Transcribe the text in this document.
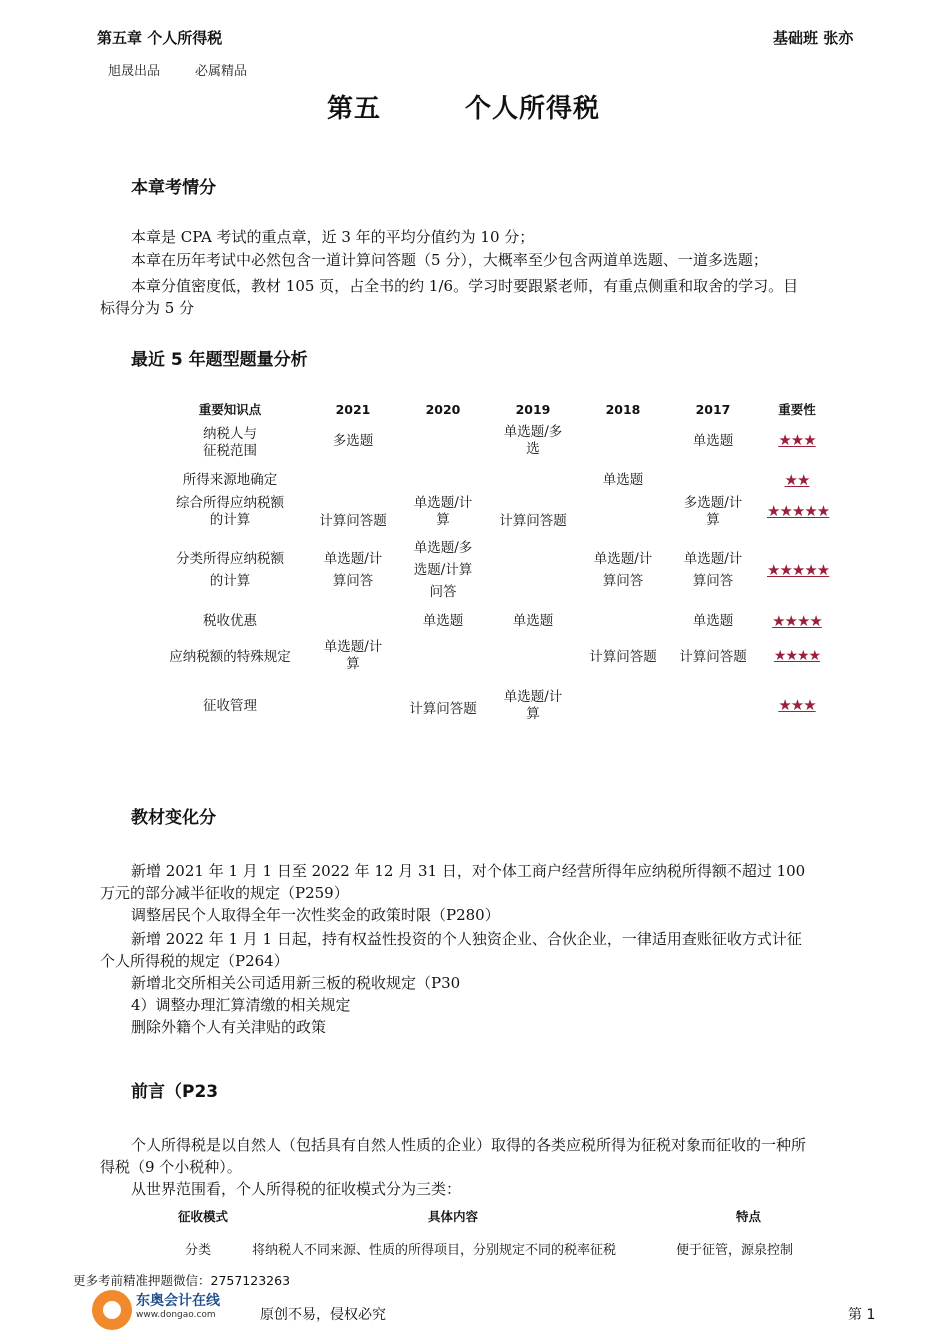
第五章 个人所得税	基础班 张亦
旭晟出品	必属精品
第五	个人所得税
本章考情分
本章是 CPA 考试的重点章，近 3 年的平均分值约为 10 分；
本章在历年考试中必然包含一道计算问答题（5 分），大概率至少包含两道单选题、一道多选题；
本章分值密度低，教材 105 页，占全书的约 1/6。学习时要跟紧老师，有重点侧重和取舍的学习。目
标得分为 5 分
最近 5 年题型题量分析
重要知识点	2021	2020	2019	2018	2017	重要性

纳税人与征税范围	多选题		单选题/多选		单选题	★★★

所得来源地确定				单选题		★★

综合所得应纳税额的计算	计算问答题	单选题/计算	计算问答题		多选题/计算	★★★★★

分类所得应纳税额的计算	单选题/计算问答	单选题/多选题/计算问答		单选题/计算问答	单选题/计算问答	★★★★★

税收优惠		单选题	单选题		单选题	★★★★

应纳税额的特殊规定	单选题/计算			计算问答题	计算问答题	★★★★
征收管理		计算问答题	单选题/计算			★★★
教材变化分
新增 2021 年 1 月 1 日至 2022 年 12 月 31 日，对个体工商户经营所得年应纳税所得额不超过 100
万元的部分减半征收的规定（P259）
调整居民个人取得全年一次性奖金的政策时限（P280）
新增 2022 年 1 月 1 日起，持有权益性投资的个人独资企业、合伙企业，一律适用查账征收方式计征
个人所得税的规定（P264）
新增北交所相关公司适用新三板的税收规定（P30
4）调整办理汇算清缴的相关规定
删除外籍个人有关津贴的政策
前言（P23
个人所得税是以自然人（包括具有自然人性质的企业）取得的各类应税所得为征税对象而征收的一种所
得税（9 个小税种）。
从世界范围看，个人所得税的征收模式分为三类：
征收模式	具体内容	特点
分类	将纳税人不同来源、性质的所得项目，分别规定不同的税率征税	便于征管，源泉控制
更多考前精准押题微信：2757123263
东奥会计在线
www.dongao.com	原创不易，侵权必究	第 1
